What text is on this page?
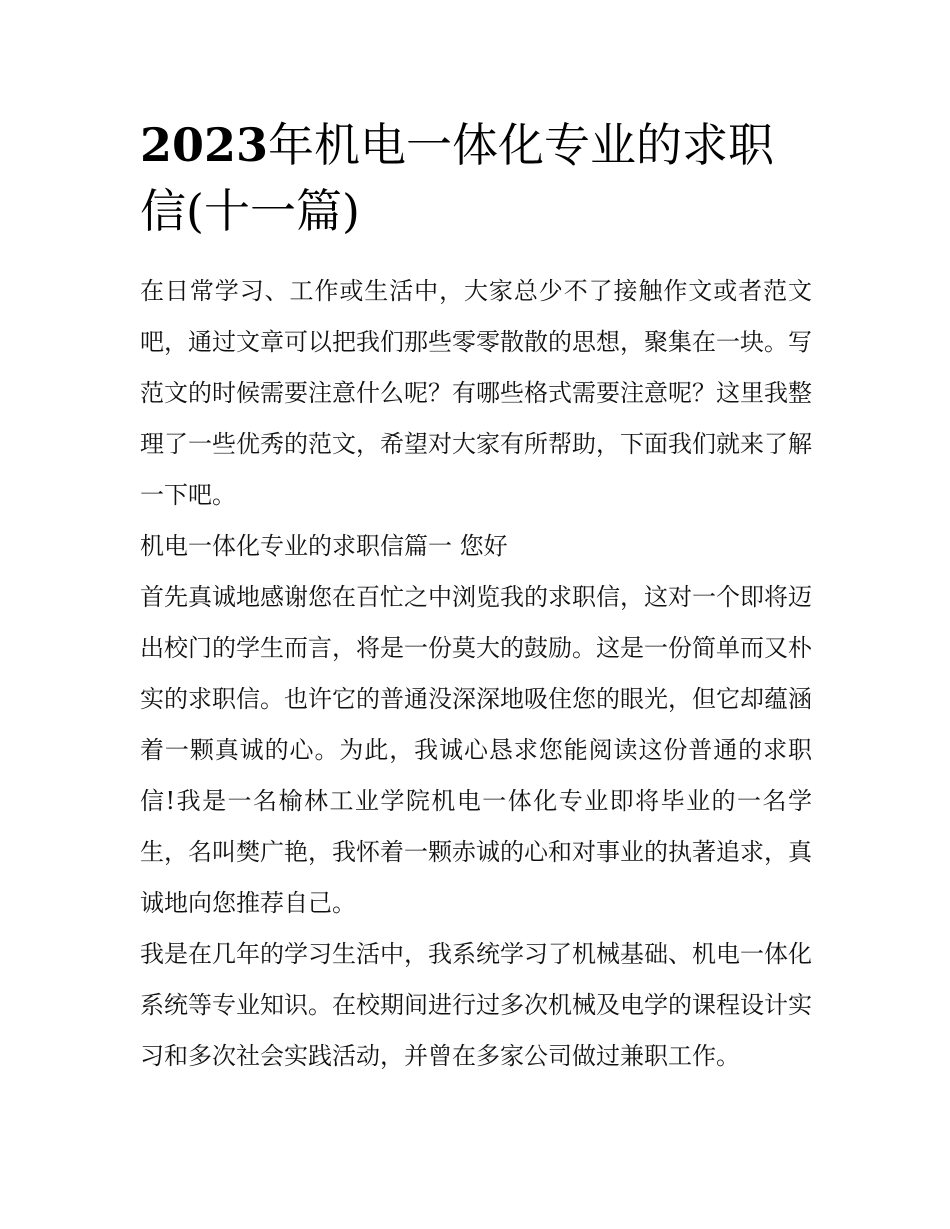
2023年机电一体化专业的求职信(十一篇)

在日常学习、工作或生活中，大家总少不了接触作文或者范文吧，通过文章可以把我们那些零零散散的思想，聚集在一块。写范文的时候需要注意什么呢？有哪些格式需要注意呢？这里我整理了一些优秀的范文，希望对大家有所帮助，下面我们就来了解一下吧。

机电一体化专业的求职信篇一 您好

首先真诚地感谢您在百忙之中浏览我的求职信，这对一个即将迈出校门的学生而言，将是一份莫大的鼓励。这是一份简单而又朴实的求职信。也许它的普通没深深地吸住您的眼光，但它却蕴涵着一颗真诚的心。为此，我诚心恳求您能阅读这份普通的求职信!我是一名榆林工业学院机电一体化专业即将毕业的一名学生，名叫樊广艳，我怀着一颗赤诚的心和对事业的执著追求，真诚地向您推荐自己。

我是在几年的学习生活中，我系统学习了机械基础、机电一体化系统等专业知识。在校期间进行过多次机械及电学的课程设计实习和多次社会实践活动，并曾在多家公司做过兼职工作。
